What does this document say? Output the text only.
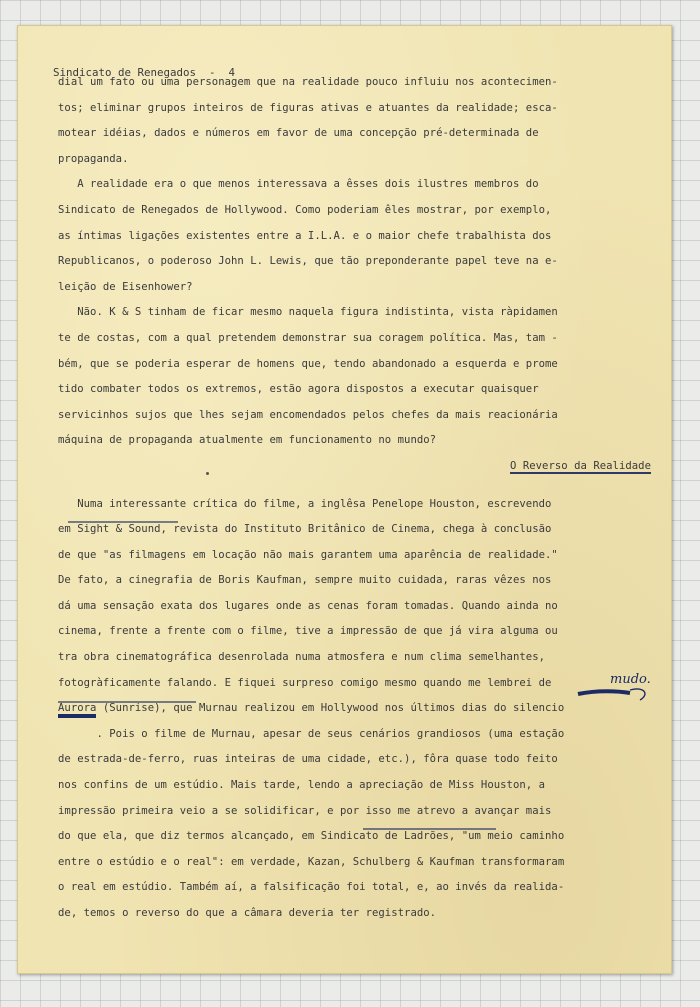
Sindicato de Renegados  -  4
dial um fato ou uma personagem que na realidade pouco influiu nos acontecimen-
tos; eliminar grupos inteiros de figuras ativas e atuantes da realidade; esca-
motear idéias, dados e números em favor de uma concepção pré-determinada de
propaganda.
A realidade era o que menos interessava a êsses dois ilustres membros do
Sindicato de Renegados de Hollywood. Como poderiam êles mostrar, por exemplo,
as íntimas ligações existentes entre a I.L.A. e o maior chefe trabalhista dos
Republicanos, o poderoso John L. Lewis, que tão preponderante papel teve na e-
leição de Eisenhower?
Não. K & S tinham de ficar mesmo naquela figura indistinta, vista ràpidamen
te de costas, com a qual pretendem demonstrar sua coragem política. Mas, tam -
bém, que se poderia esperar de homens que, tendo abandonado a esquerda e prome
tido combater todos os extremos, estão agora dispostos a executar quaisquer
servicinhos sujos que lhes sejam encomendados pelos chefes da mais reacionária
máquina de propaganda atualmente em funcionamento no mundo?
O Reverso da Realidade
Numa interessante crítica do filme, a inglêsa Penelope Houston, escrevendo
em Sight & Sound, revista do Instituto Britânico de Cinema, chega à conclusão
de que "as filmagens em locação não mais garantem uma aparência de realidade."
De fato, a cinegrafia de Boris Kaufman, sempre muito cuidada, raras vêzes nos
dá uma sensação exata dos lugares onde as cenas foram tomadas. Quando ainda no
cinema, frente a frente com o filme, tive a impressão de que já vira alguma ou
tra obra cinematográfica desenrolada numa atmosfera e num clima semelhantes,
fotogràficamente falando. E fiquei surpreso comigo mesmo quando me lembrei de
Aurora (Sunrise), que Murnau realizou em Hollywood nos últimos dias do silencio
. Pois o filme de Murnau, apesar de seus cenários grandiosos (uma estação
de estrada-de-ferro, ruas inteiras de uma cidade, etc.), fôra quase todo feito
nos confins de um estúdio. Mais tarde, lendo a apreciação de Miss Houston, a
impressão primeira veio a se solidificar, e por isso me atrevo a avançar mais
do que ela, que diz termos alcançado, em Sindicato de Ladrões, "um meio caminho
entre o estúdio e o real": em verdade, Kazan, Schulberg & Kaufman transformaram
o real em estúdio. Também aí, a falsificação foi total, e, ao invés da realida-
de, temos o reverso do que a câmara deveria ter registrado.
mudo.
